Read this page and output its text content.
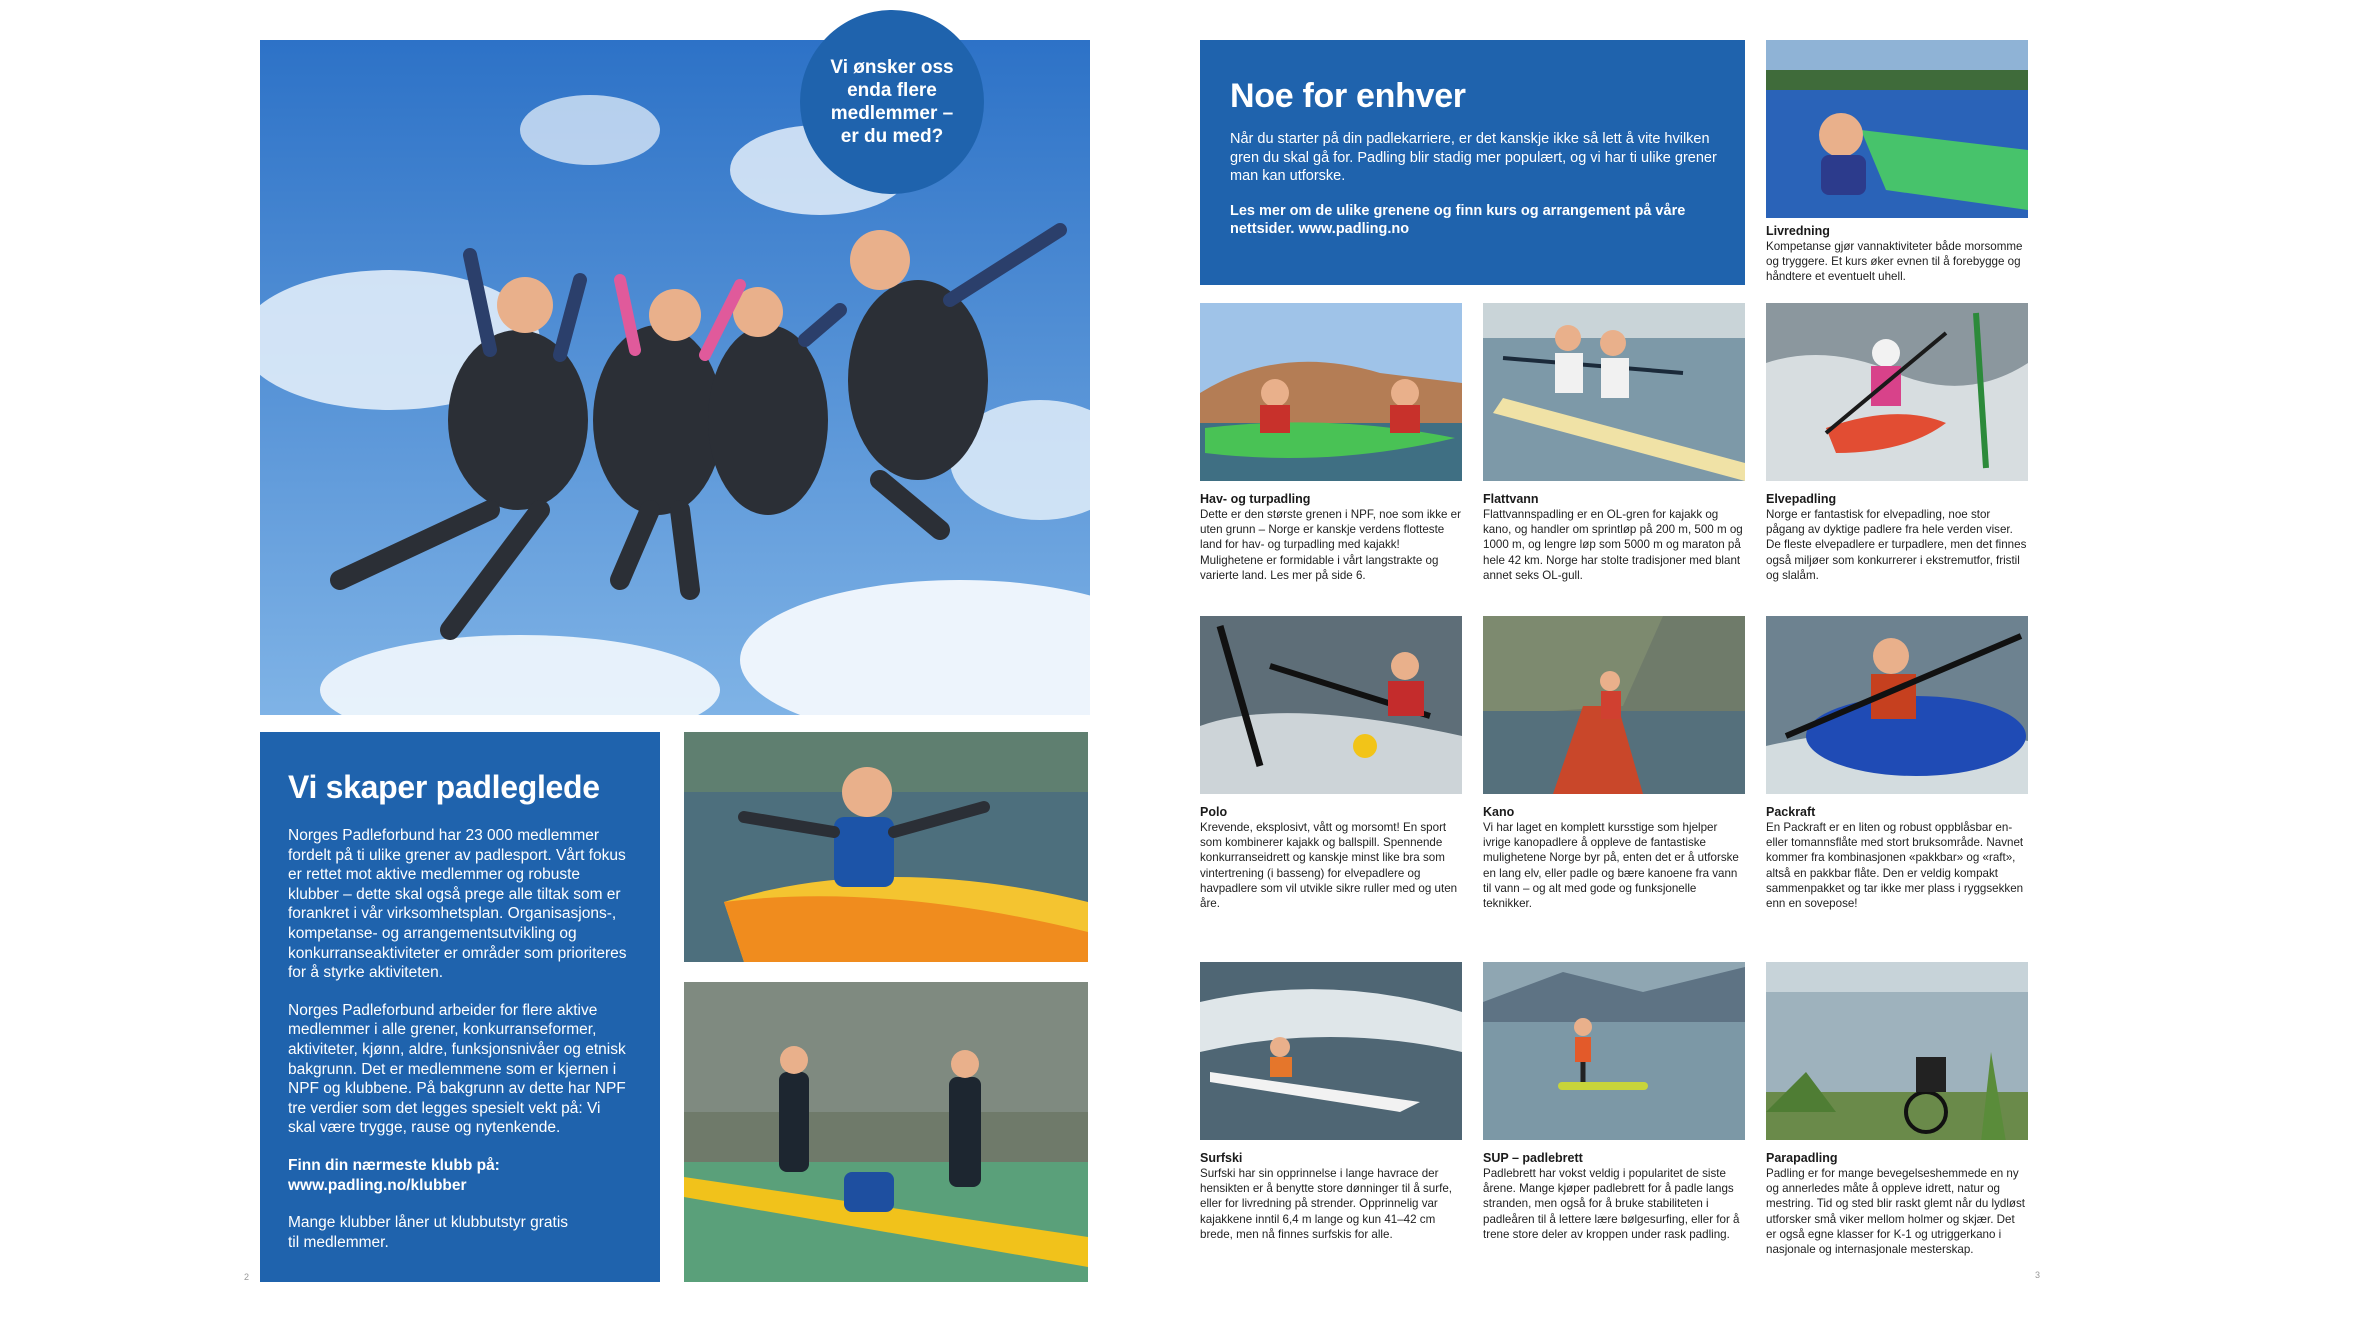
Vi ønsker oss enda flere medlemmer – er du med?
Vi skaper padleglede
Norges Padleforbund har 23 000 medlemmer fordelt på ti ulike grener av padlesport. Vårt fokus er rettet mot aktive medlemmer og robuste klubber – dette skal også prege alle tiltak som er forankret i vår virksomhetsplan. Organisasjons-, kompetanse- og arrangementsutvikling og konkurranseaktiviteter er områder som prioriteres for å styrke aktiviteten.
Norges Padleforbund arbeider for flere aktive medlemmer i alle grener, konkurranseformer, aktiviteter, kjønn, aldre, funksjonsnivåer og etnisk bakgrunn. Det er medlemmene som er kjernen i NPF og klubbene. På bakgrunn av dette har NPF tre verdier som det legges spesielt vekt på: Vi skal være trygge, rause og nytenkende.
Finn din nærmeste klubb på:
www.padling.no/klubber
Mange klubber låner ut klubbutstyr gratis
til medlemmer.
2
Noe for enhver
Når du starter på din padlekarriere, er det kanskje ikke så lett å vite hvilken gren du skal gå for. Padling blir stadig mer populært, og vi har ti ulike grener man kan utforske.
Les mer om de ulike grenene og finn kurs og arrangement på våre nettsider. www.padling.no	Livredning
Kompetanse gjør vannaktiviteter både morsomme og tryggere. Et kurs øker evnen til å forebygge og håndtere et eventuelt uhell.
Hav- og turpadling
Dette er den største grenen i NPF, noe som ikke er uten grunn – Norge er kanskje verdens flotteste land for hav- og turpadling med kajakk! Mulighetene er formidable i vårt langstrakte og varierte land. Les mer på side 6.
Flattvann
Flattvannspadling er en OL-gren for kajakk og kano, og handler om sprintløp på 200 m, 500 m og 1000 m, og lengre løp som 5000 m og maraton på hele 42 km. Norge har stolte tradisjoner med blant annet seks OL-gull.
Elvepadling
Norge er fantastisk for elvepadling, noe stor pågang av dyktige padlere fra hele verden viser. De fleste elvepadlere er turpadlere, men det finnes også miljøer som konkurrerer i ekstremutfor, fristil og slalåm.
Polo
Krevende, eksplosivt, vått og morsomt! En sport som kombinerer kajakk og ballspill. Spennende konkurranseidrett og kanskje minst like bra som vintertrening (i basseng) for elvepadlere og havpadlere som vil utvikle sikre ruller med og uten åre.
Kano
Vi har laget en komplett kursstige som hjelper ivrige kanopadlere å oppleve de fantastiske mulighetene Norge byr på, enten det er å utforske en lang elv, eller padle og bære kanoene fra vann til vann – og alt med gode og funksjonelle teknikker.
Packraft
En Packraft er en liten og robust oppblåsbar en- eller tomannsflåte med stort bruksområde. Navnet kommer fra kombinasjonen «pakkbar» og «raft», altså en pakkbar flåte. Den er veldig kompakt sammenpakket og tar ikke mer plass i ryggsekken enn en sovepose!
Surfski
Surfski har sin opprinnelse i lange havrace der hensikten er å benytte store dønninger til å surfe, eller for livredning på strender. Opprinnelig var kajakkene inntil 6,4 m lange og kun 41–42 cm brede, men nå finnes surfskis for alle.
SUP – padlebrett
Padlebrett har vokst veldig i popularitet de siste årene. Mange kjøper padlebrett for å padle langs stranden, men også for å bruke stabiliteten i padleåren til å lettere lære bølgesurfing, eller for å trene store deler av kroppen under rask padling.
Parapadling
Padling er for mange bevegelseshemmede en ny og annerledes måte å oppleve idrett, natur og mestring. Tid og sted blir raskt glemt når du lydløst utforsker små viker mellom holmer og skjær. Det er også egne klasser for K-1 og utriggerkano i nasjonale og internasjonale mesterskap.
3
